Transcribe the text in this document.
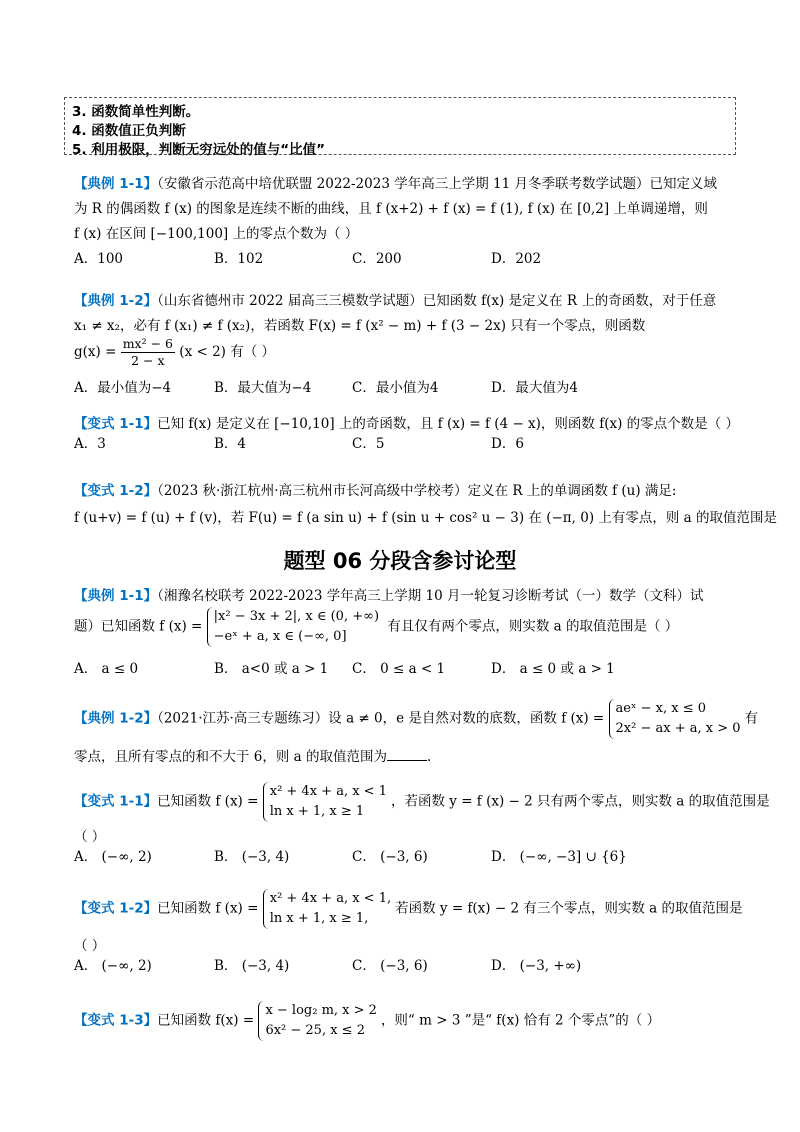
3. 函数简单性判断。
4. 函数值正负判断
5. 利用极限，判断无穷远处的值与“比值”
【典例 1-1】（安徽省示范高中培优联盟 2022-2023 学年高三上学期 11 月冬季联考数学试题）已知定义域
为 R 的偶函数 f (x) 的图象是连续不断的曲线，且 f (x+2) + f (x) = f (1), f (x) 在 [0,2] 上单调递增，则
f (x) 在区间 [−100,100] 上的零点个数为（ ）
A．100	B．102	C．200	D．202
【典例 1-2】（山东省德州市 2022 届高三三模数学试题）已知函数 f(x) 是定义在 R 上的奇函数，对于任意
x₁ ≠ x₂，必有 f (x₁) ≠ f (x₂)，若函数 F(x) = f (x² − m) + f (3 − 2x) 只有一个零点，则函数
$g(x) = \frac{\text{mx² − 6}}{2 - x} (x < 2)$ 有（ ）
A．最小值为−4	B．最大值为−4	C．最小值为4	D．最大值为4
【变式 1-1】已知 f(x) 是定义在 [−10,10] 上的奇函数，且 f (x) = f (4 − x)，则函数 f(x) 的零点个数是（ ）
A．3	B．4	C．5	D．6
【变式 1-2】（2023 秋·浙江杭州·高三杭州市长河高级中学校考）定义在 R 上的单调函数 f (u) 满足:
f (u+v) = f (u) + f (v)，若 F(u) = f (a sin u) + f (sin u + cos² u − 3) 在 (−π, 0) 上有零点，则 a 的取值范围是
题型 06 分段含参讨论型
【典例 1-1】（湘豫名校联考 2022-2023 学年高三上学期 10 月一轮复习诊断考试（一）数学（文科）试
题）已知函数 f (x) =
|x² − 3x + 2|, x ∈ (0, +∞)
−eˣ + a, x ∈ (−∞, 0]
有且仅有两个零点，则实数 a 的取值范围是（ ）
A． a ≤ 0	B． a<0 或 a > 1 C． 0 ≤ a < 1	D． a ≤ 0 或 a > 1
【典例 1-2】（2021·江苏·高三专题练习）设 a ≠ 0，e 是自然对数的底数，函数 f (x) =
aeˣ − x, x ≤ 0
2x² − ax + a, x > 0
有
零点，且所有零点的和不大于 6，则 a 的取值范围为	.
【变式 1-1】已知函数 f (x) =
x² + 4x + a, x < 1
ln x + 1, x ≥ 1
，若函数 y = f (x) − 2 只有两个零点，则实数 a 的取值范围是
（ ）
A． (−∞, 2)	B． (−3, 4)	C． (−3, 6)	D． (−∞, −3] ∪ {6}
【变式 1-2】已知函数 f (x) =
x² + 4x + a, x < 1,
ln x + 1, x ≥ 1,
若函数 y = f(x) − 2 有三个零点，则实数 a 的取值范围是
（ ）
A． (−∞, 2)	B． (−3, 4)	C． (−3, 6)	D． (−3, +∞)
【变式 1-3】已知函数 f(x) =
x − log₂ m, x > 2
6x² − 25, x ≤ 2
，则“ m > 3 ”是“ f(x) 恰有 2 个零点”的（ ）
